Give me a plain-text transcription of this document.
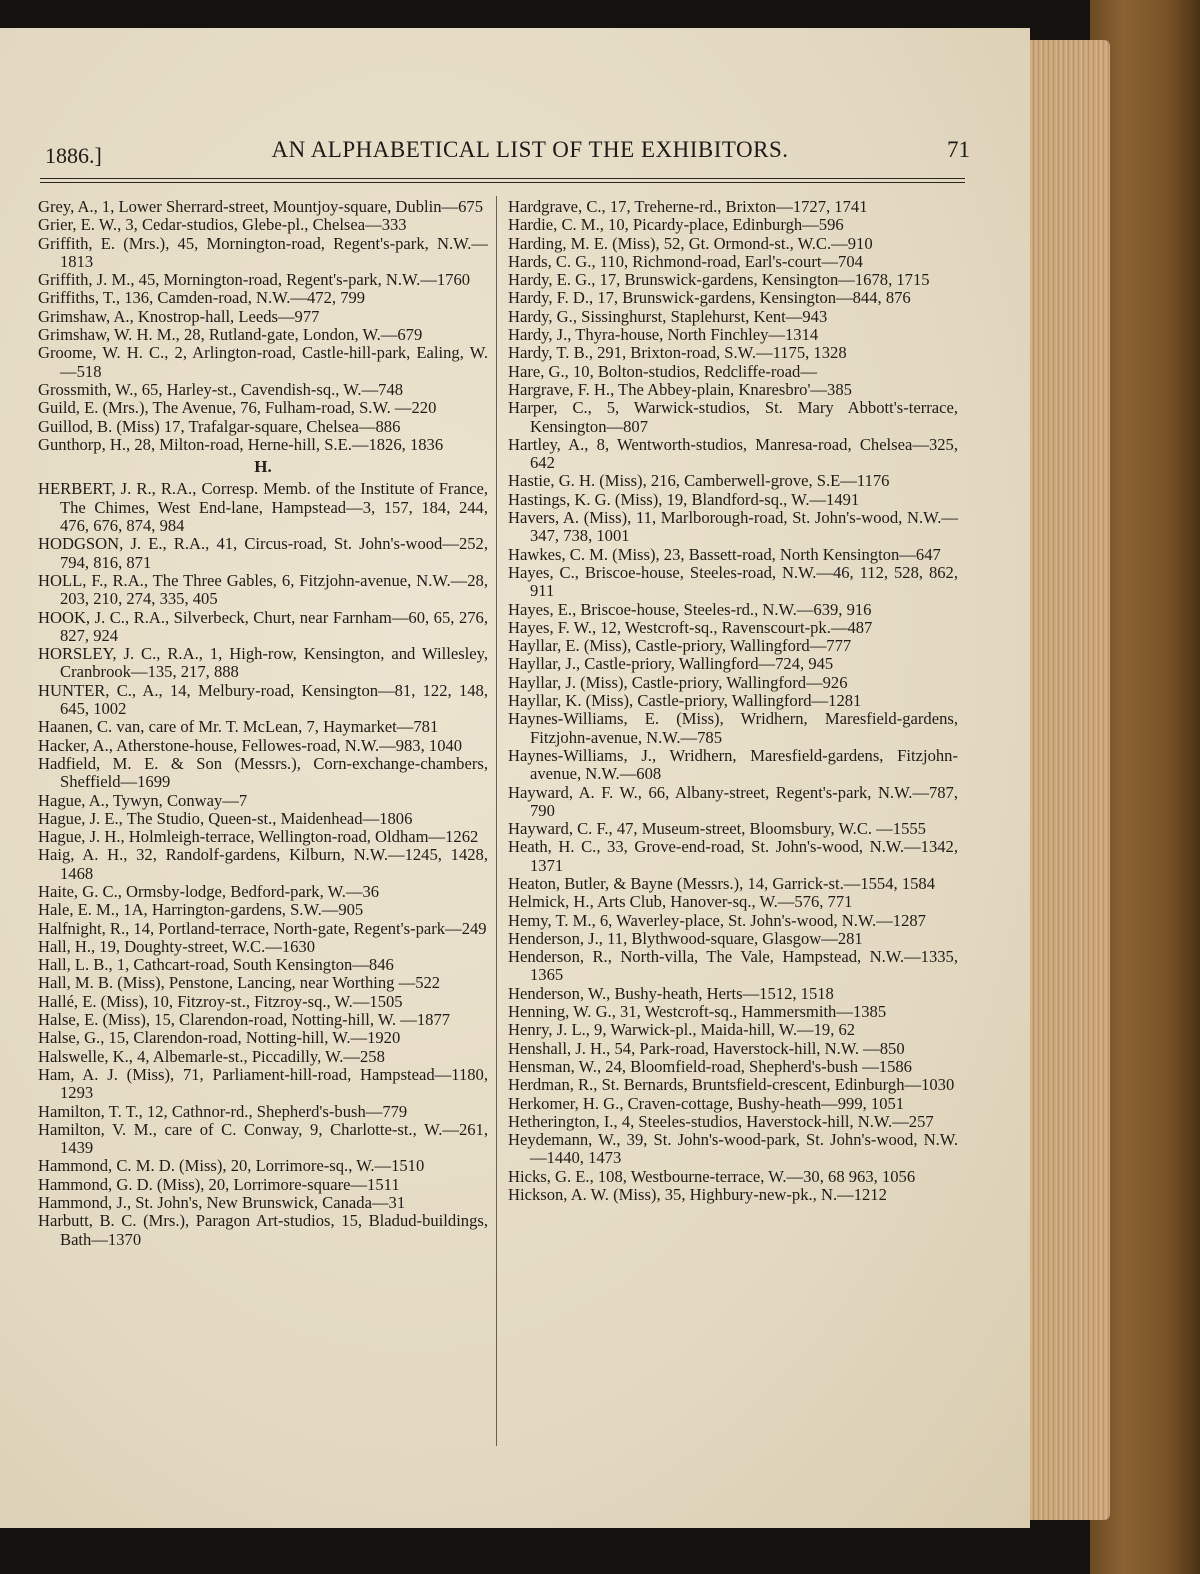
1886.]	AN ALPHABETICAL LIST OF THE EXHIBITORS.	71

Grey, A., 1, Lower Sherrard-street, Mountjoy-square, Dublin—675

Grier, E. W., 3, Cedar-studios, Glebe-pl., Chelsea—333

Griffith, E. (Mrs.), 45, Mornington-road, Regent's-park, N.W.—1813

Griffith, J. M., 45, Mornington-road, Regent's-park, N.W.—1760

Griffiths, T., 136, Camden-road, N.W.—472, 799

Grimshaw, A., Knostrop-hall, Leeds—977

Grimshaw, W. H. M., 28, Rutland-gate, London, W.—679

Groome, W. H. C., 2, Arlington-road, Castle-hill-park, Ealing, W.—518

Grossmith, W., 65, Harley-st., Cavendish-sq., W.—748

Guild, E. (Mrs.), The Avenue, 76, Fulham-road, S.W. —220

Guillod, B. (Miss) 17, Trafalgar-square, Chelsea—886

Gunthorp, H., 28, Milton-road, Herne-hill, S.E.—1826, 1836

H.

HERBERT, J. R., R.A., Corresp. Memb. of the Institute of France, The Chimes, West End-lane, Hampstead—3, 157, 184, 244, 476, 676, 874, 984

HODGSON, J. E., R.A., 41, Circus-road, St. John's-wood—252, 794, 816, 871

HOLL, F., R.A., The Three Gables, 6, Fitzjohn-avenue, N.W.—28, 203, 210, 274, 335, 405

HOOK, J. C., R.A., Silverbeck, Churt, near Farnham—60, 65, 276, 827, 924

HORSLEY, J. C., R.A., 1, High-row, Kensington, and Willesley, Cranbrook—135, 217, 888

HUNTER, C., A., 14, Melbury-road, Kensington—81, 122, 148, 645, 1002

Haanen, C. van, care of Mr. T. McLean, 7, Haymarket—781

Hacker, A., Atherstone-house, Fellowes-road, N.W.—983, 1040

Hadfield, M. E. & Son (Messrs.), Corn-exchange-chambers, Sheffield—1699

Hague, A., Tywyn, Conway—7

Hague, J. E., The Studio, Queen-st., Maidenhead—1806

Hague, J. H., Holmleigh-terrace, Wellington-road, Oldham—1262

Haig, A. H., 32, Randolf-gardens, Kilburn, N.W.—1245, 1428, 1468

Haite, G. C., Ormsby-lodge, Bedford-park, W.—36

Hale, E. M., 1A, Harrington-gardens, S.W.—905

Halfnight, R., 14, Portland-terrace, North-gate, Regent's-park—249

Hall, H., 19, Doughty-street, W.C.—1630

Hall, L. B., 1, Cathcart-road, South Kensington—846

Hall, M. B. (Miss), Penstone, Lancing, near Worthing —522

Hallé, E. (Miss), 10, Fitzroy-st., Fitzroy-sq., W.—1505

Halse, E. (Miss), 15, Clarendon-road, Notting-hill, W. —1877

Halse, G., 15, Clarendon-road, Notting-hill, W.—1920

Halswelle, K., 4, Albemarle-st., Piccadilly, W.—258

Ham, A. J. (Miss), 71, Parliament-hill-road, Hampstead—1180, 1293

Hamilton, T. T., 12, Cathnor-rd., Shepherd's-bush—779

Hamilton, V. M., care of C. Conway, 9, Charlotte-st., W.—261, 1439

Hammond, C. M. D. (Miss), 20, Lorrimore-sq., W.—1510

Hammond, G. D. (Miss), 20, Lorrimore-square—1511

Hammond, J., St. John's, New Brunswick, Canada—31

Harbutt, B. C. (Mrs.), Paragon Art-studios, 15, Bladud-buildings, Bath—1370

Hardgrave, C., 17, Treherne-rd., Brixton—1727, 1741

Hardie, C. M., 10, Picardy-place, Edinburgh—596

Harding, M. E. (Miss), 52, Gt. Ormond-st., W.C.—910

Hards, C. G., 110, Richmond-road, Earl's-court—704

Hardy, E. G., 17, Brunswick-gardens, Kensington—1678, 1715

Hardy, F. D., 17, Brunswick-gardens, Kensington—844, 876

Hardy, G., Sissinghurst, Staplehurst, Kent—943

Hardy, J., Thyra-house, North Finchley—1314

Hardy, T. B., 291, Brixton-road, S.W.—1175, 1328

Hare, G., 10, Bolton-studios, Redcliffe-road—

Hargrave, F. H., The Abbey-plain, Knaresbro'—385

Harper, C., 5, Warwick-studios, St. Mary Abbott's-terrace, Kensington—807

Hartley, A., 8, Wentworth-studios, Manresa-road, Chelsea—325, 642

Hastie, G. H. (Miss), 216, Camberwell-grove, S.E—1176

Hastings, K. G. (Miss), 19, Blandford-sq., W.—1491

Havers, A. (Miss), 11, Marlborough-road, St. John's-wood, N.W.—347, 738, 1001

Hawkes, C. M. (Miss), 23, Bassett-road, North Kensington—647

Hayes, C., Briscoe-house, Steeles-road, N.W.—46, 112, 528, 862, 911

Hayes, E., Briscoe-house, Steeles-rd., N.W.—639, 916

Hayes, F. W., 12, Westcroft-sq., Ravenscourt-pk.—487

Hayllar, E. (Miss), Castle-priory, Wallingford—777

Hayllar, J., Castle-priory, Wallingford—724, 945

Hayllar, J. (Miss), Castle-priory, Wallingford—926

Hayllar, K. (Miss), Castle-priory, Wallingford—1281

Haynes-Williams, E. (Miss), Wridhern, Maresfield-gardens, Fitzjohn-avenue, N.W.—785

Haynes-Williams, J., Wridhern, Maresfield-gardens, Fitzjohn-avenue, N.W.—608

Hayward, A. F. W., 66, Albany-street, Regent's-park, N.W.—787, 790

Hayward, C. F., 47, Museum-street, Bloomsbury, W.C. —1555

Heath, H. C., 33, Grove-end-road, St. John's-wood, N.W.—1342, 1371

Heaton, Butler, & Bayne (Messrs.), 14, Garrick-st.—1554, 1584

Helmick, H., Arts Club, Hanover-sq., W.—576, 771

Hemy, T. M., 6, Waverley-place, St. John's-wood, N.W.—1287

Henderson, J., 11, Blythwood-square, Glasgow—281

Henderson, R., North-villa, The Vale, Hampstead, N.W.—1335, 1365

Henderson, W., Bushy-heath, Herts—1512, 1518

Henning, W. G., 31, Westcroft-sq., Hammersmith—1385

Henry, J. L., 9, Warwick-pl., Maida-hill, W.—19, 62

Henshall, J. H., 54, Park-road, Haverstock-hill, N.W. —850

Hensman, W., 24, Bloomfield-road, Shepherd's-bush —1586

Herdman, R., St. Bernards, Bruntsfield-crescent, Edinburgh—1030

Herkomer, H. G., Craven-cottage, Bushy-heath—999, 1051

Hetherington, I., 4, Steeles-studios, Haverstock-hill, N.W.—257

Heydemann, W., 39, St. John's-wood-park, St. John's-wood, N.W.—1440, 1473

Hicks, G. E., 108, Westbourne-terrace, W.—30, 68 963, 1056

Hickson, A. W. (Miss), 35, Highbury-new-pk., N.—1212
